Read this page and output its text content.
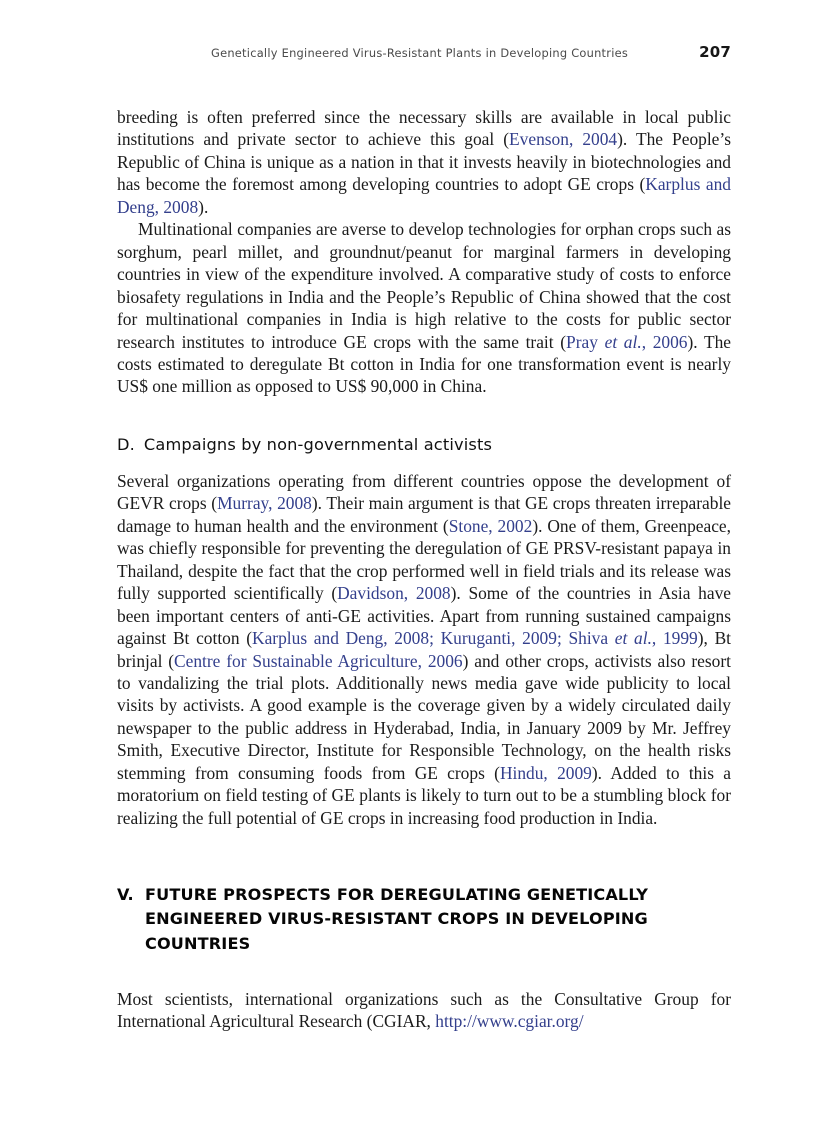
Genetically Engineered Virus-Resistant Plants in Developing Countries	207

breeding is often preferred since the necessary skills are available in local public institutions and private sector to achieve this goal (Evenson, 2004). The People’s Republic of China is unique as a nation in that it invests heavily in biotechnologies and has become the foremost among developing countries to adopt GE crops (Karplus and Deng, 2008).

Multinational companies are averse to develop technologies for orphan crops such as sorghum, pearl millet, and groundnut/peanut for marginal farmers in developing countries in view of the expenditure involved. A comparative study of costs to enforce biosafety regulations in India and the People’s Republic of China showed that the cost for multinational companies in India is high relative to the costs for public sector research institutes to introduce GE crops with the same trait (Pray et al., 2006). The costs estimated to deregulate Bt cotton in India for one transformation event is nearly US$ one million as opposed to US$ 90,000 in China.

D. Campaigns by non-governmental activists

Several organizations operating from different countries oppose the development of GEVR crops (Murray, 2008). Their main argument is that GE crops threaten irreparable damage to human health and the environment (Stone, 2002). One of them, Greenpeace, was chiefly responsible for preventing the deregulation of GE PRSV-resistant papaya in Thailand, despite the fact that the crop performed well in field trials and its release was fully supported scientifically (Davidson, 2008). Some of the countries in Asia have been important centers of anti-GE activities. Apart from running sustained campaigns against Bt cotton (Karplus and Deng, 2008; Kuruganti, 2009; Shiva et al., 1999), Bt brinjal (Centre for Sustainable Agriculture, 2006) and other crops, activists also resort to vandalizing the trial plots. Additionally news media gave wide publicity to local visits by activists. A good example is the coverage given by a widely circulated daily newspaper to the public address in Hyderabad, India, in January 2009 by Mr. Jeffrey Smith, Executive Director, Institute for Responsible Technology, on the health risks stemming from consuming foods from GE crops (Hindu, 2009). Added to this a moratorium on field testing of GE plants is likely to turn out to be a stumbling block for realizing the full potential of GE crops in increasing food production in India.

V. FUTURE PROSPECTS FOR DEREGULATING GENETICALLY ENGINEERED VIRUS-RESISTANT CROPS IN DEVELOPING COUNTRIES

Most scientists, international organizations such as the Consultative Group for International Agricultural Research (CGIAR, http://www.cgiar.org/
